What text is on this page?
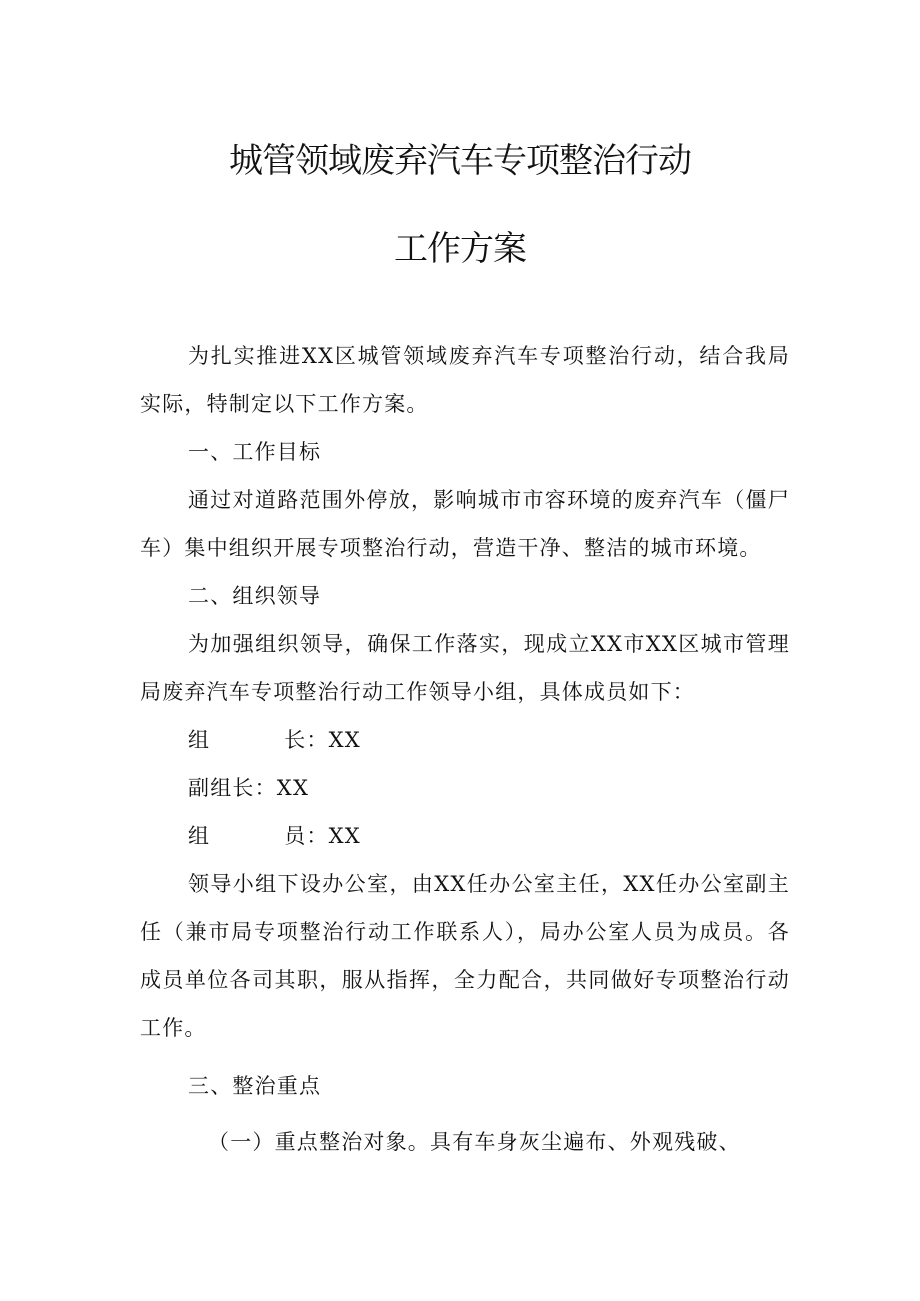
城管领域废弃汽车专项整治行动
工作方案
为扎实推进XX区城管领域废弃汽车专项整治行动，结合我局实际，特制定以下工作方案。
一、工作目标
通过对道路范围外停放，影响城市市容环境的废弃汽车（僵尸车）集中组织开展专项整治行动，营造干净、整洁的城市环境。
二、组织领导
为加强组织领导，确保工作落实，现成立XX市XX区城市管理局废弃汽车专项整治行动工作领导小组，具体成员如下：
组	长：XX
副组长：XX
组	员：XX
领导小组下设办公室，由XX任办公室主任，XX任办公室副主任（兼市局专项整治行动工作联系人），局办公室人员为成员。各成员单位各司其职，服从指挥，全力配合，共同做好专项整治行动工作。
三、整治重点
（一）重点整治对象。具有车身灰尘遍布、外观残破、
